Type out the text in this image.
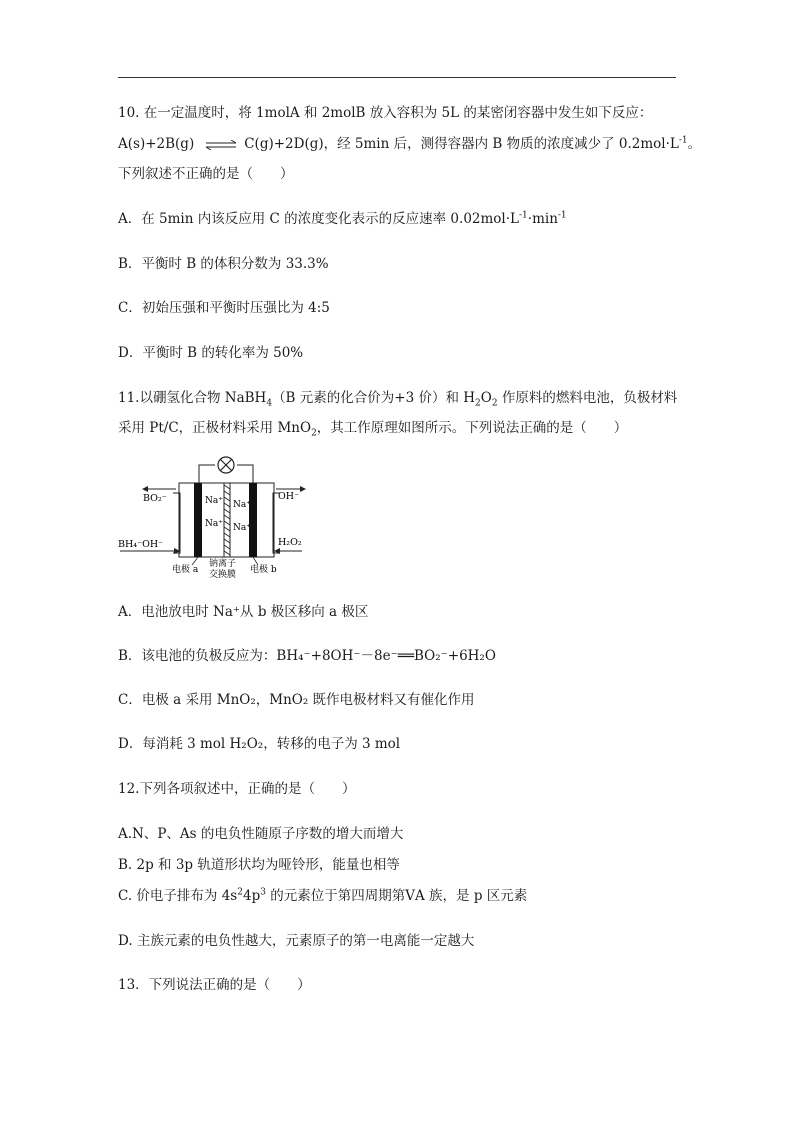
10. 在一定温度时，将 1molA 和 2molB 放入容积为 5L 的某密闭容器中发生如下反应：
A(s)+2B(g) ⇌ C(g)+2D(g)，经 5min 后，测得容器内 B 物质的浓度减少了 $0.2mol\cdot L^{-1}$。
下列叙述不正确的是（　　）
A．在 5min 内该反应用 C 的浓度变化表示的反应速率 $0.02mol\cdot L^{-1}\cdot\min^{-1}$
B．平衡时 B 的体积分数为 33.3%
C．初始压强和平衡时压强比为 4:5
D．平衡时 B 的转化率为 50%
11.以硼氢化合物 NaBH$_4$（B 元素的化合价为+3 价）和 $H_2O_2$ 作原料的燃料电池，负极材料
采用 Pt/C，正极材料采用 MnO$_2$，其工作原理如图所示。下列说法正确的是（　　）
Na⁺ Na⁺
Na⁺ Na⁺
BO₂⁻
BH₄⁻OH⁻
OH⁻
H₂O₂
电极 a
钠离子
交换膜 电极 b
A．电池放电时 Na⁺从 b 极区移向 a 极区
B．该电池的负极反应为：BH₄⁻+8OH⁻－8e⁻══BO₂⁻+6H₂O
C．电极 a 采用 MnO₂，MnO₂ 既作电极材料又有催化作用
D．每消耗 3 mol H₂O₂，转移的电子为 3 mol
12.下列各项叙述中，正确的是（　　）
A.N、P、As 的电负性随原子序数的增大而增大
B. 2p 和 3p 轨道形状均为哑铃形，能量也相等
C. 价电子排布为 $4s^24p^3$ 的元素位于第四周期第ⅤA 族，是 p 区元素
D. 主族元素的电负性越大，元素原子的第一电离能一定越大
13．下列说法正确的是（　　）
